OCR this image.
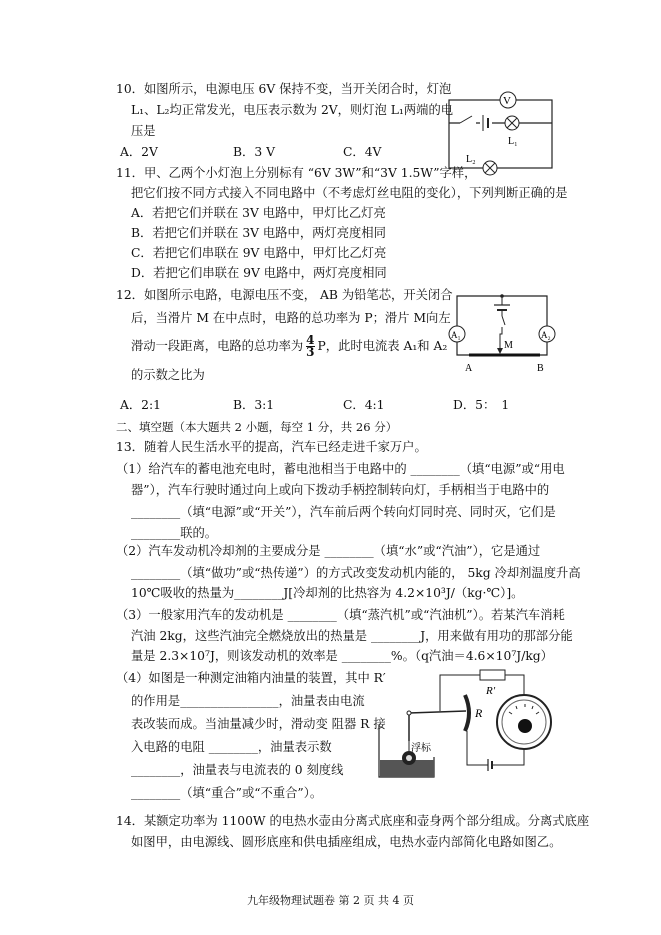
10．如图所示，电源电压 6V 保持不变，当开关闭合时，灯泡
L₁、L₂均正常发光，电压表示数为 2V，则灯泡 L₁两端的电
压是
A．2V	B．3 V	C．4V
V
L₁
L₂
11．甲、乙两个小灯泡上分别标有 “6V 3W”和“3V 1.5W”字样，
把它们按不同方式接入不同电路中（不考虑灯丝电阻的变化），下列判断正确的是
A．若把它们并联在 3V 电路中，甲灯比乙灯亮
B．若把它们并联在 3V 电路中，两灯亮度相同
C．若把它们串联在 9V 电路中，甲灯比乙灯亮
D．若把它们串联在 9V 电路中，两灯亮度相同
12．如图所示电路，电源电压不变， AB 为铅笔芯，开关闭合
后，当滑片 M 在中点时，电路的总功率为 P；滑片 M向左
滑动一段距离，电路的总功率为 $\frac{4}{3}$ P，此时电流表 A₁和 A₂
的示数之比为
A．2:1	B．3:1	C．4:1	D．5：　1
M
A₁	A₂
A	B
二、填空题（本大题共 2 小题，每空 1 分，共 26 分）
13．随着人民生活水平的提高，汽车已经走进千家万户。
（1）给汽车的蓄电池充电时，蓄电池相当于电路中的 ________（填“电源”或“用电
器”），汽车行驶时通过向上或向下拨动手柄控制转向灯，手柄相当于电路中的
________（填“电源”或“开关”），汽车前后两个转向灯同时亮、同时灭，它们是
________联的。
（2）汽车发动机冷却剂的主要成分是 ________（填“水”或“汽油”），它是通过
________（填“做功”或“热传递”）的方式改变发动机内能的， 5kg 冷却剂温度升高
10℃吸收的热量为________J[冷却剂的比热容为 4.2×10³J/（kg·℃）]。
（3）一般家用汽车的发动机是 ________（填“蒸汽机”或“汽油机”）。若某汽车消耗
汽油 2kg，这些汽油完全燃烧放出的热量是 ________J，用来做有用功的那部分能
量是 2.3×10⁷J，则该发动机的效率是 ________%。（q汽油＝4.6×10⁷J/kg）
（4）如图是一种测定油箱内油量的装置，其中 R′
的作用是________________，油量表由电流
表改装而成。当油量减少时，滑动变 阻器 R 接
入电路的电阻 ________，油量表示数
________，油量表与电流表的 0 刻度线
________（填“重合”或“不重合”）。
浮标
R
R′
14．某额定功率为 1100W 的电热水壶由分离式底座和壶身两个部分组成。分离式底座
如图甲，由电源线、圆形底座和供电插座组成，电热水壶内部简化电路如图乙。
九年级物理试题卷 第 2 页 共 4 页
